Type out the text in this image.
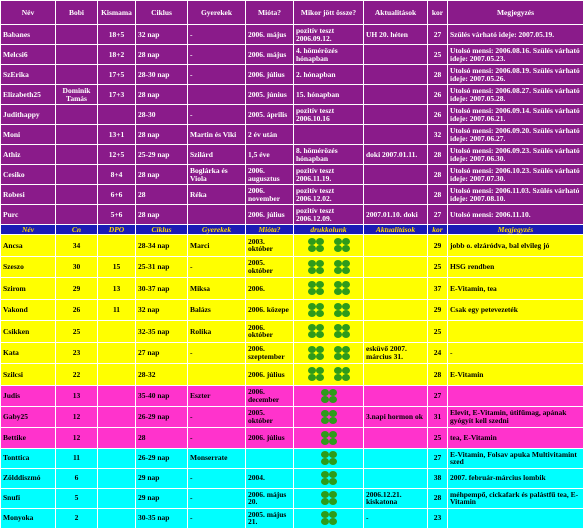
Név	Bobi	Kismama	Ciklus	Gyerekek	Mióta?	Mikor jött össze?	Aktualitások	kor	Megjegyzés
Babanes		18+5	32 nap	-	2006. május	pozitív teszt 2006.09.12.	UH 20. héten	27	Szülés várható ideje: 2007.05.19.
Melcsi6		18+2	28 nap	-	2006. május	4. hömérözés hónapban		25	Utolsó mensi: 2006.08.16. Szülés várható ideje: 2007.05.23.
SzErika		17+5	28-30 nap	-	2006. július	2. hónapban		28	Utolsó mensi: 2006.08.19. Szülés várható ideje: 2007.05.26.
Elizabeth25	Dominik Tamás	17+3	28 nap		2005. június	15. hónapban		26	Utolsó mensi: 2006.08.27. Szülés várható ideje: 2007.05.28.
Judithappy			28-30	-	2005. április	pozitív teszt 2006.10.16		26	Utolsó mensi: 2006.09.14. Szülés várható ideje: 2007.06.21.
Moni		13+1	28 nap	Martin és Viki	2 év után			32	Utolsó mensi: 2006.09.20. Szülés várható ideje: 2007.06.27.
Athiz		12+5	25-29 nap	Szilárd	1,5 éve	8. hömérözés hónapban	doki 2007.01.11.	28	Utolsó mensi: 2006.09.23. Szülés várható ideje: 2007.06.30.
Cesiko		8+4	28 nap	Boglárka és Viola	2006. augusztus	pozitív teszt 2006.11.19.		28	Utolsó mensi: 2006.10.23. Szülés várható ideje: 2007.07.30.
Robesi		6+6	28	Réka	2006. november	pozitív teszt 2006.12.02.		28	Utolsó mensi: 2006.11.03. Szülés várható ideje: 2007.08.10.
Purc		5+6	28 nap		2006. július	pozitív teszt 2006.12.09.	2007.01.10. doki	27	Utolsó mensi: 2006.11.10.
Név	Cn	DPO	Ciklus	Gyerekek	Mióta?	drukkolunk	Aktualitások	kor	Megjegyzés
Ancsa	34		28-34 nap	Marci	2003. október			29	jobb o. elzáródva, bal elvileg jó
Szeszo	30	15	25-31 nap	-	2005. október			25	HSG rendben
Szirom	29	13	30-37 nap	Miksa	2006.			37	E-Vitamin, tea
Vakond	26	11	32 nap	Balázs	2006. közepe			29	Csak egy petevezeték
Csikken	25		32-35 nap	Rolika	2006. október			25	
Kata	23		27 nap	-	2006. szeptember		esküvő 2007. március 31.	24	-
Szilcsi	22		28-32		2006. július			28	E-Vitamin
Judis	13		35-40 nap	Eszter	2006. december			27	
Gaby25	12		26-29 nap	-	2005. október		3.napi hormon ok	31	Elevit, E-Vitamin, útifűmag, apának gyógyít kell szedni
Bettike	12		28	-	2006. július			25	tea, E-Vitamin
Tonttica	11		26-29 nap	Monserrate				27	E-Vitamin, Folsav apuka Multivitamint szed
Zölddiszmó	6		29 nap	-	2004.			38	2007. február-március lombik
Snufi	5		29 nap	-	2006. május 20.		2006.12.21. kiskatona	28	méhpempő, cickafark és palástfű tea, E-Vitamin
Monyoka	2		30-35 nap	-	2005. május 21.		-	23	
